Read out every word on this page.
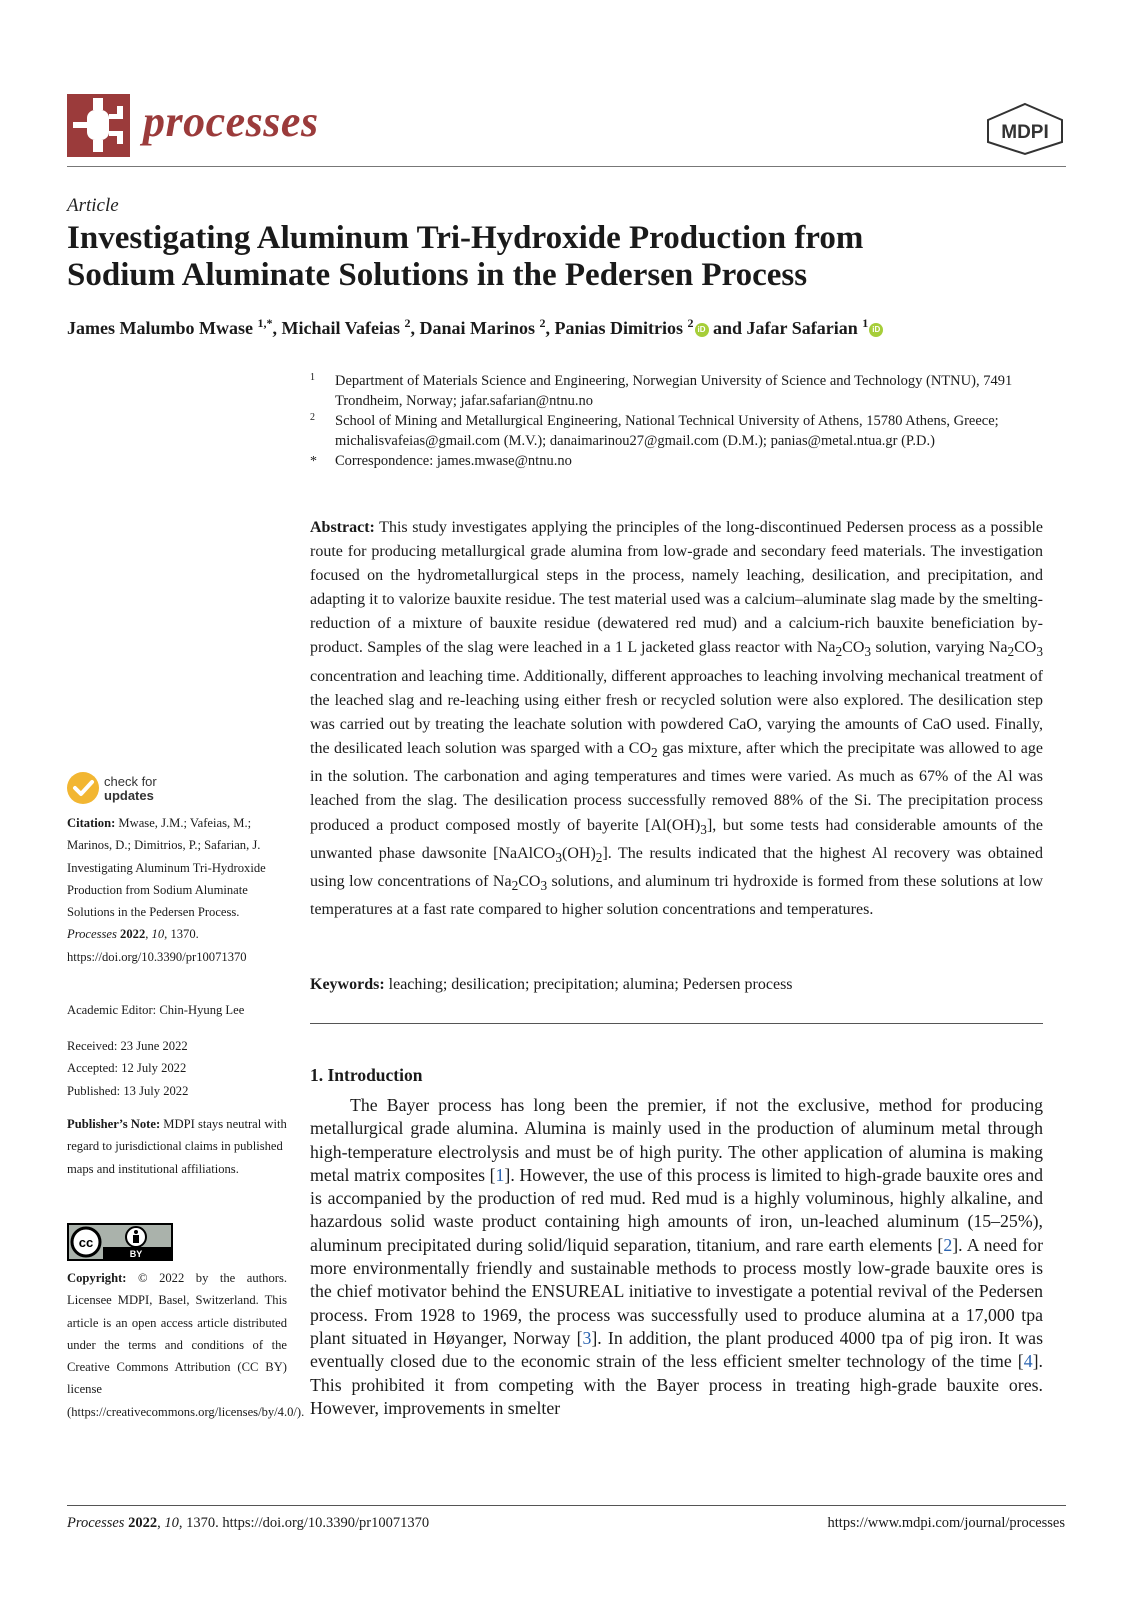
processes	MDPI
Article
Investigating Aluminum Tri-Hydroxide Production from
Sodium Aluminate Solutions in the Pedersen Process
James Malumbo Mwase $^{1,*}$, Michail Vafeias $^2$, Danai Marinos $^2$, Panias Dimitrios $^2$ iD and Jafar Safarian $^1$ iD
1 Department of Materials Science and Engineering, Norwegian University of Science and Technology (NTNU), 7491 Trondheim, Norway; jafar.safarian@ntnu.no
2 School of Mining and Metallurgical Engineering, National Technical University of Athens, 15780 Athens, Greece; michalisvafeias@gmail.com (M.V.); danaimarinou27@gmail.com (D.M.); panias@metal.ntua.gr (P.D.)
* Correspondence: james.mwase@ntnu.no
Abstract: This study investigates applying the principles of the long-discontinued Pedersen process as a possible route for producing metallurgical grade alumina from low-grade and secondary feed materials. The investigation focused on the hydrometallurgical steps in the process, namely leaching, desilication, and precipitation, and adapting it to valorize bauxite residue. The test material used was a calcium–aluminate slag made by the smelting-reduction of a mixture of bauxite residue (dewatered red mud) and a calcium-rich bauxite beneficiation by-product. Samples of the slag were leached in a 1 L jacketed glass reactor with $Na_2CO_3$ solution, varying $Na_2CO_3$ concentration and leaching time. Additionally, different approaches to leaching involving mechanical treatment of the leached slag and re-leaching using either fresh or recycled solution were also explored. The desilication step was carried out by treating the leachate solution with powdered CaO, varying the amounts of CaO used. Finally, the desilicated leach solution was sparged with a $CO_2$ gas mixture, after which the precipitate was allowed to age in the solution. The carbonation and aging temperatures and times were varied. As much as 67% of the Al was leached from the slag. The desilication process successfully removed 88% of the Si. The precipitation process produced a product composed mostly of bayerite $[Al(OH)_3]$, but some tests had considerable amounts of the unwanted phase dawsonite $[NaAlCO_3(OH)_2]$. The results indicated that the highest Al recovery was obtained using low concentrations of $Na_2CO_3$ solutions, and aluminum tri hydroxide is formed from these solutions at low temperatures at a fast rate compared to higher solution concentrations and temperatures.
Keywords: leaching; desilication; precipitation; alumina; Pedersen process
1. Introduction
The Bayer process has long been the premier, if not the exclusive, method for producing metallurgical grade alumina. Alumina is mainly used in the production of aluminum metal through high-temperature electrolysis and must be of high purity. The other application of alumina is making metal matrix composites [1]. However, the use of this process is limited to high-grade bauxite ores and is accompanied by the production of red mud. Red mud is a highly voluminous, highly alkaline, and hazardous solid waste product containing high amounts of iron, un-leached aluminum (15–25%), aluminum precipitated during solid/liquid separation, titanium, and rare earth elements [2]. A need for more environmentally friendly and sustainable methods to process mostly low-grade bauxite ores is the chief motivator behind the ENSUREAL initiative to investigate a potential revival of the Pedersen process. From 1928 to 1969, the process was successfully used to produce alumina at a 17,000 tpa plant situated in Høyanger, Norway [3]. In addition, the plant produced 4000 tpa of pig iron. It was eventually closed due to the economic strain of the less efficient smelter technology of the time [4]. This prohibited it from competing with the Bayer process in treating high-grade bauxite ores. However, improvements in smelter
check for
updates
Citation: Mwase, J.M.; Vafeias, M.; Marinos, D.; Dimitrios, P.; Safarian, J. Investigating Aluminum Tri-Hydroxide Production from Sodium Aluminate Solutions in the Pedersen Process. Processes 2022, 10, 1370. https://doi.org/10.3390/pr10071370
Academic Editor: Chin-Hyung Lee
Received: 23 June 2022
Accepted: 12 July 2022
Published: 13 July 2022
Publisher’s Note: MDPI stays neutral with regard to jurisdictional claims in published maps and institutional affiliations.
cc
BY
Copyright: © 2022 by the authors. Licensee MDPI, Basel, Switzerland. This article is an open access article distributed under the terms and conditions of the Creative Commons Attribution (CC BY) license (https://creativecommons.org/licenses/by/4.0/).
Processes 2022, 10, 1370. https://doi.org/10.3390/pr10071370	https://www.mdpi.com/journal/processes
